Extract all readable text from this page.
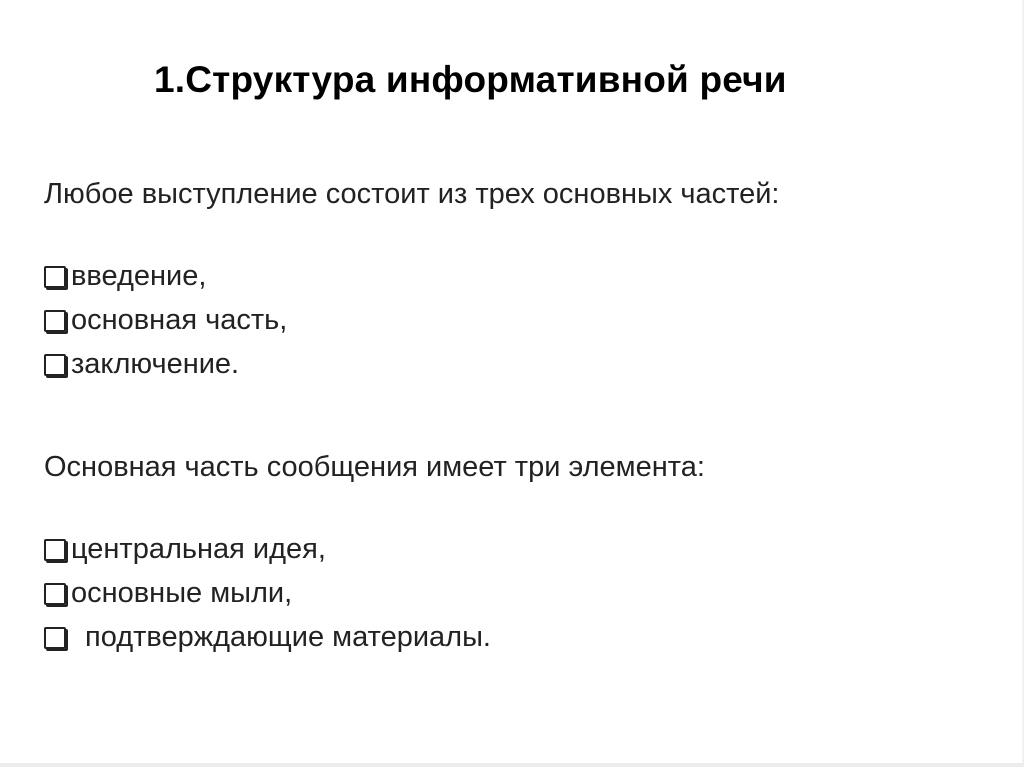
1.Структура информативной речи

Любое выступление состоит из трех основных частей:

введение,
основная часть,
заключение.

Основная часть сообщения имеет три элемента:

центральная идея,
основные мыли,
подтверждающие материалы.
